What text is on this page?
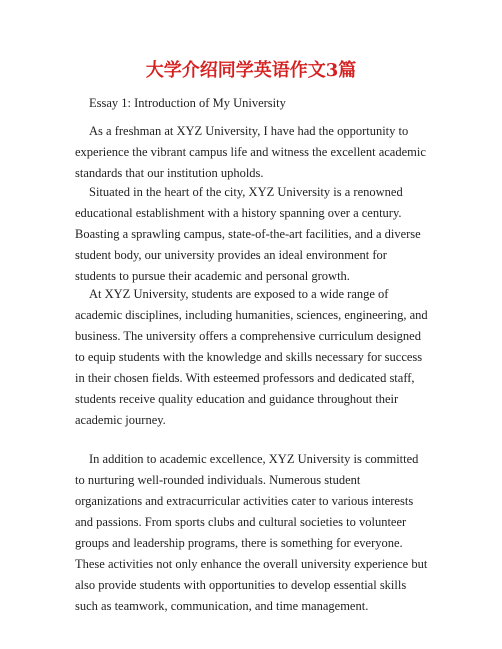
大学介绍同学英语作文3篇

Essay 1: Introduction of My University

As a freshman at XYZ University, I have had the opportunity to experience the vibrant campus life and witness the excellent academic standards that our institution upholds.

Situated in the heart of the city, XYZ University is a renowned educational establishment with a history spanning over a century. Boasting a sprawling campus, state-of-the-art facilities, and a diverse student body, our university provides an ideal environment for students to pursue their academic and personal growth.

At XYZ University, students are exposed to a wide range of academic disciplines, including humanities, sciences, engineering, and business. The university offers a comprehensive curriculum designed to equip students with the knowledge and skills necessary for success in their chosen fields. With esteemed professors and dedicated staff, students receive quality education and guidance throughout their academic journey.

In addition to academic excellence, XYZ University is committed to nurturing well-rounded individuals. Numerous student organizations and extracurricular activities cater to various interests and passions. From sports clubs and cultural societies to volunteer groups and leadership programs, there is something for everyone. These activities not only enhance the overall university experience but also provide students with opportunities to develop essential skills such as teamwork, communication, and time management.
